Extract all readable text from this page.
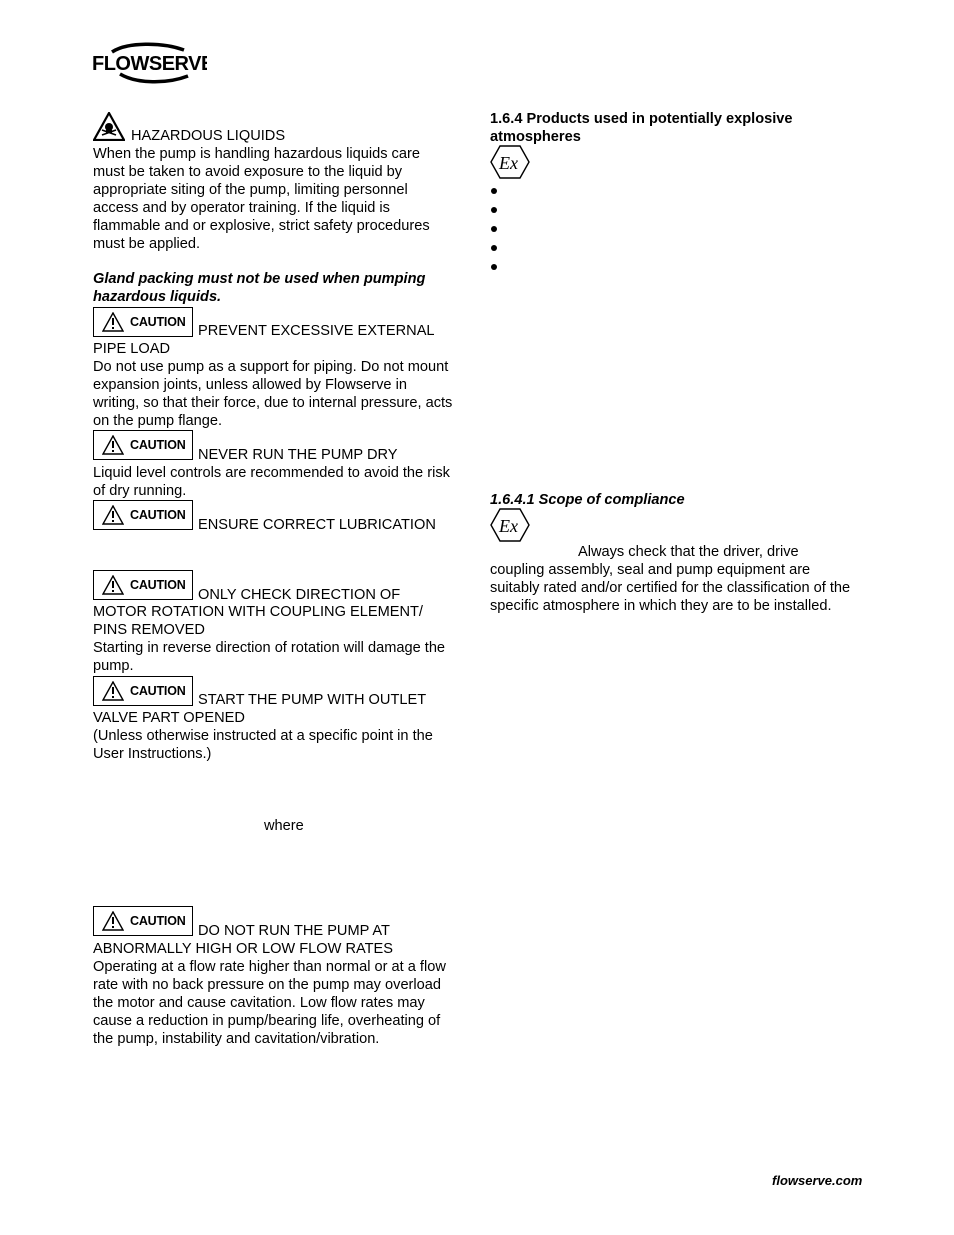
FLOWSERVE
HAZARDOUS LIQUIDS
When the pump is handling hazardous liquids care
must be taken to avoid exposure to the liquid by
appropriate siting of the pump, limiting personnel
access and by operator training. If the liquid is
flammable and or explosive, strict safety procedures
must be applied.
Gland packing must not be used when pumping
hazardous liquids.
CAUTION
PREVENT EXCESSIVE EXTERNAL
PIPE LOAD
Do not use pump as a support for piping. Do not mount
expansion joints, unless allowed by Flowserve in
writing, so that their force, due to internal pressure, acts
on the pump flange.
CAUTION
NEVER RUN THE PUMP DRY
Liquid level controls are recommended to avoid the risk
of dry running.
CAUTION
ENSURE CORRECT LUBRICATION
CAUTION
ONLY CHECK DIRECTION OF
MOTOR ROTATION WITH COUPLING ELEMENT/
PINS REMOVED
Starting in reverse direction of rotation will damage the
pump.
CAUTION
START THE PUMP WITH OUTLET
VALVE PART OPENED
(Unless otherwise instructed at a specific point in the
User Instructions.)
where
CAUTION
DO NOT RUN THE PUMP AT
ABNORMALLY HIGH OR LOW FLOW RATES
Operating at a flow rate higher than normal or at a flow
rate with no back pressure on the pump may overload
the motor and cause cavitation. Low flow rates may
cause a reduction in pump/bearing life, overheating of
the pump, instability and cavitation/vibration.
1.6.4 Products used in potentially explosive
atmospheres
Ex
1.6.4.1 Scope of compliance
Ex
Always check that the driver, drive
coupling assembly, seal and pump equipment are
suitably rated and/or certified for the classification of the
specific atmosphere in which they are to be installed.
flowserve.com
